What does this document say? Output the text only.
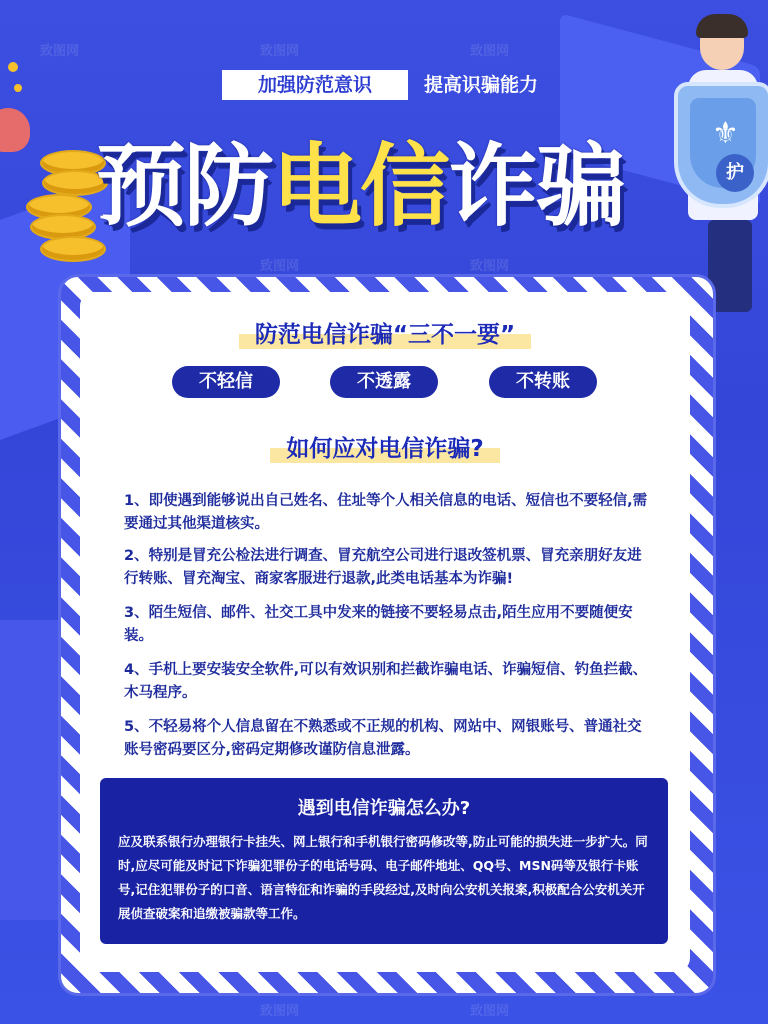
致图网	致图网	致图网
致图网	致图网
致图网	致图网
加强防范意识	提高识骗能力
预防 电信 诈骗
⚜
护
防范电信诈骗“三不一要”
如何应对电信诈骗?
不轻信	不透露	不转账
1、即使遇到能够说出自己姓名、住址等个人相关信息的电话、短信也不要轻信,需要通过其他渠道核实。
2、特别是冒充公检法进行调查、冒充航空公司进行退改签机票、冒充亲朋好友进行转账、冒充淘宝、商家客服进行退款,此类电话基本为诈骗!
3、陌生短信、邮件、社交工具中发来的链接不要轻易点击,陌生应用不要随便安装。
4、手机上要安装安全软件,可以有效识别和拦截诈骗电话、诈骗短信、钓鱼拦截、木马程序。
5、不轻易将个人信息留在不熟悉或不正规的机构、网站中、网银账号、普通社交账号密码要区分,密码定期修改谨防信息泄露。
遇到电信诈骗怎么办?
应及联系银行办理银行卡挂失、网上银行和手机银行密码修改等,防止可能的损失进一步扩大。同时,应尽可能及时记下诈骗犯罪份子的电话号码、电子邮件地址、QQ号、MSN码等及银行卡账号,记住犯罪份子的口音、语言特征和诈骗的手段经过,及时向公安机关报案,积极配合公安机关开展侦查破案和追缴被骗款等工作。
